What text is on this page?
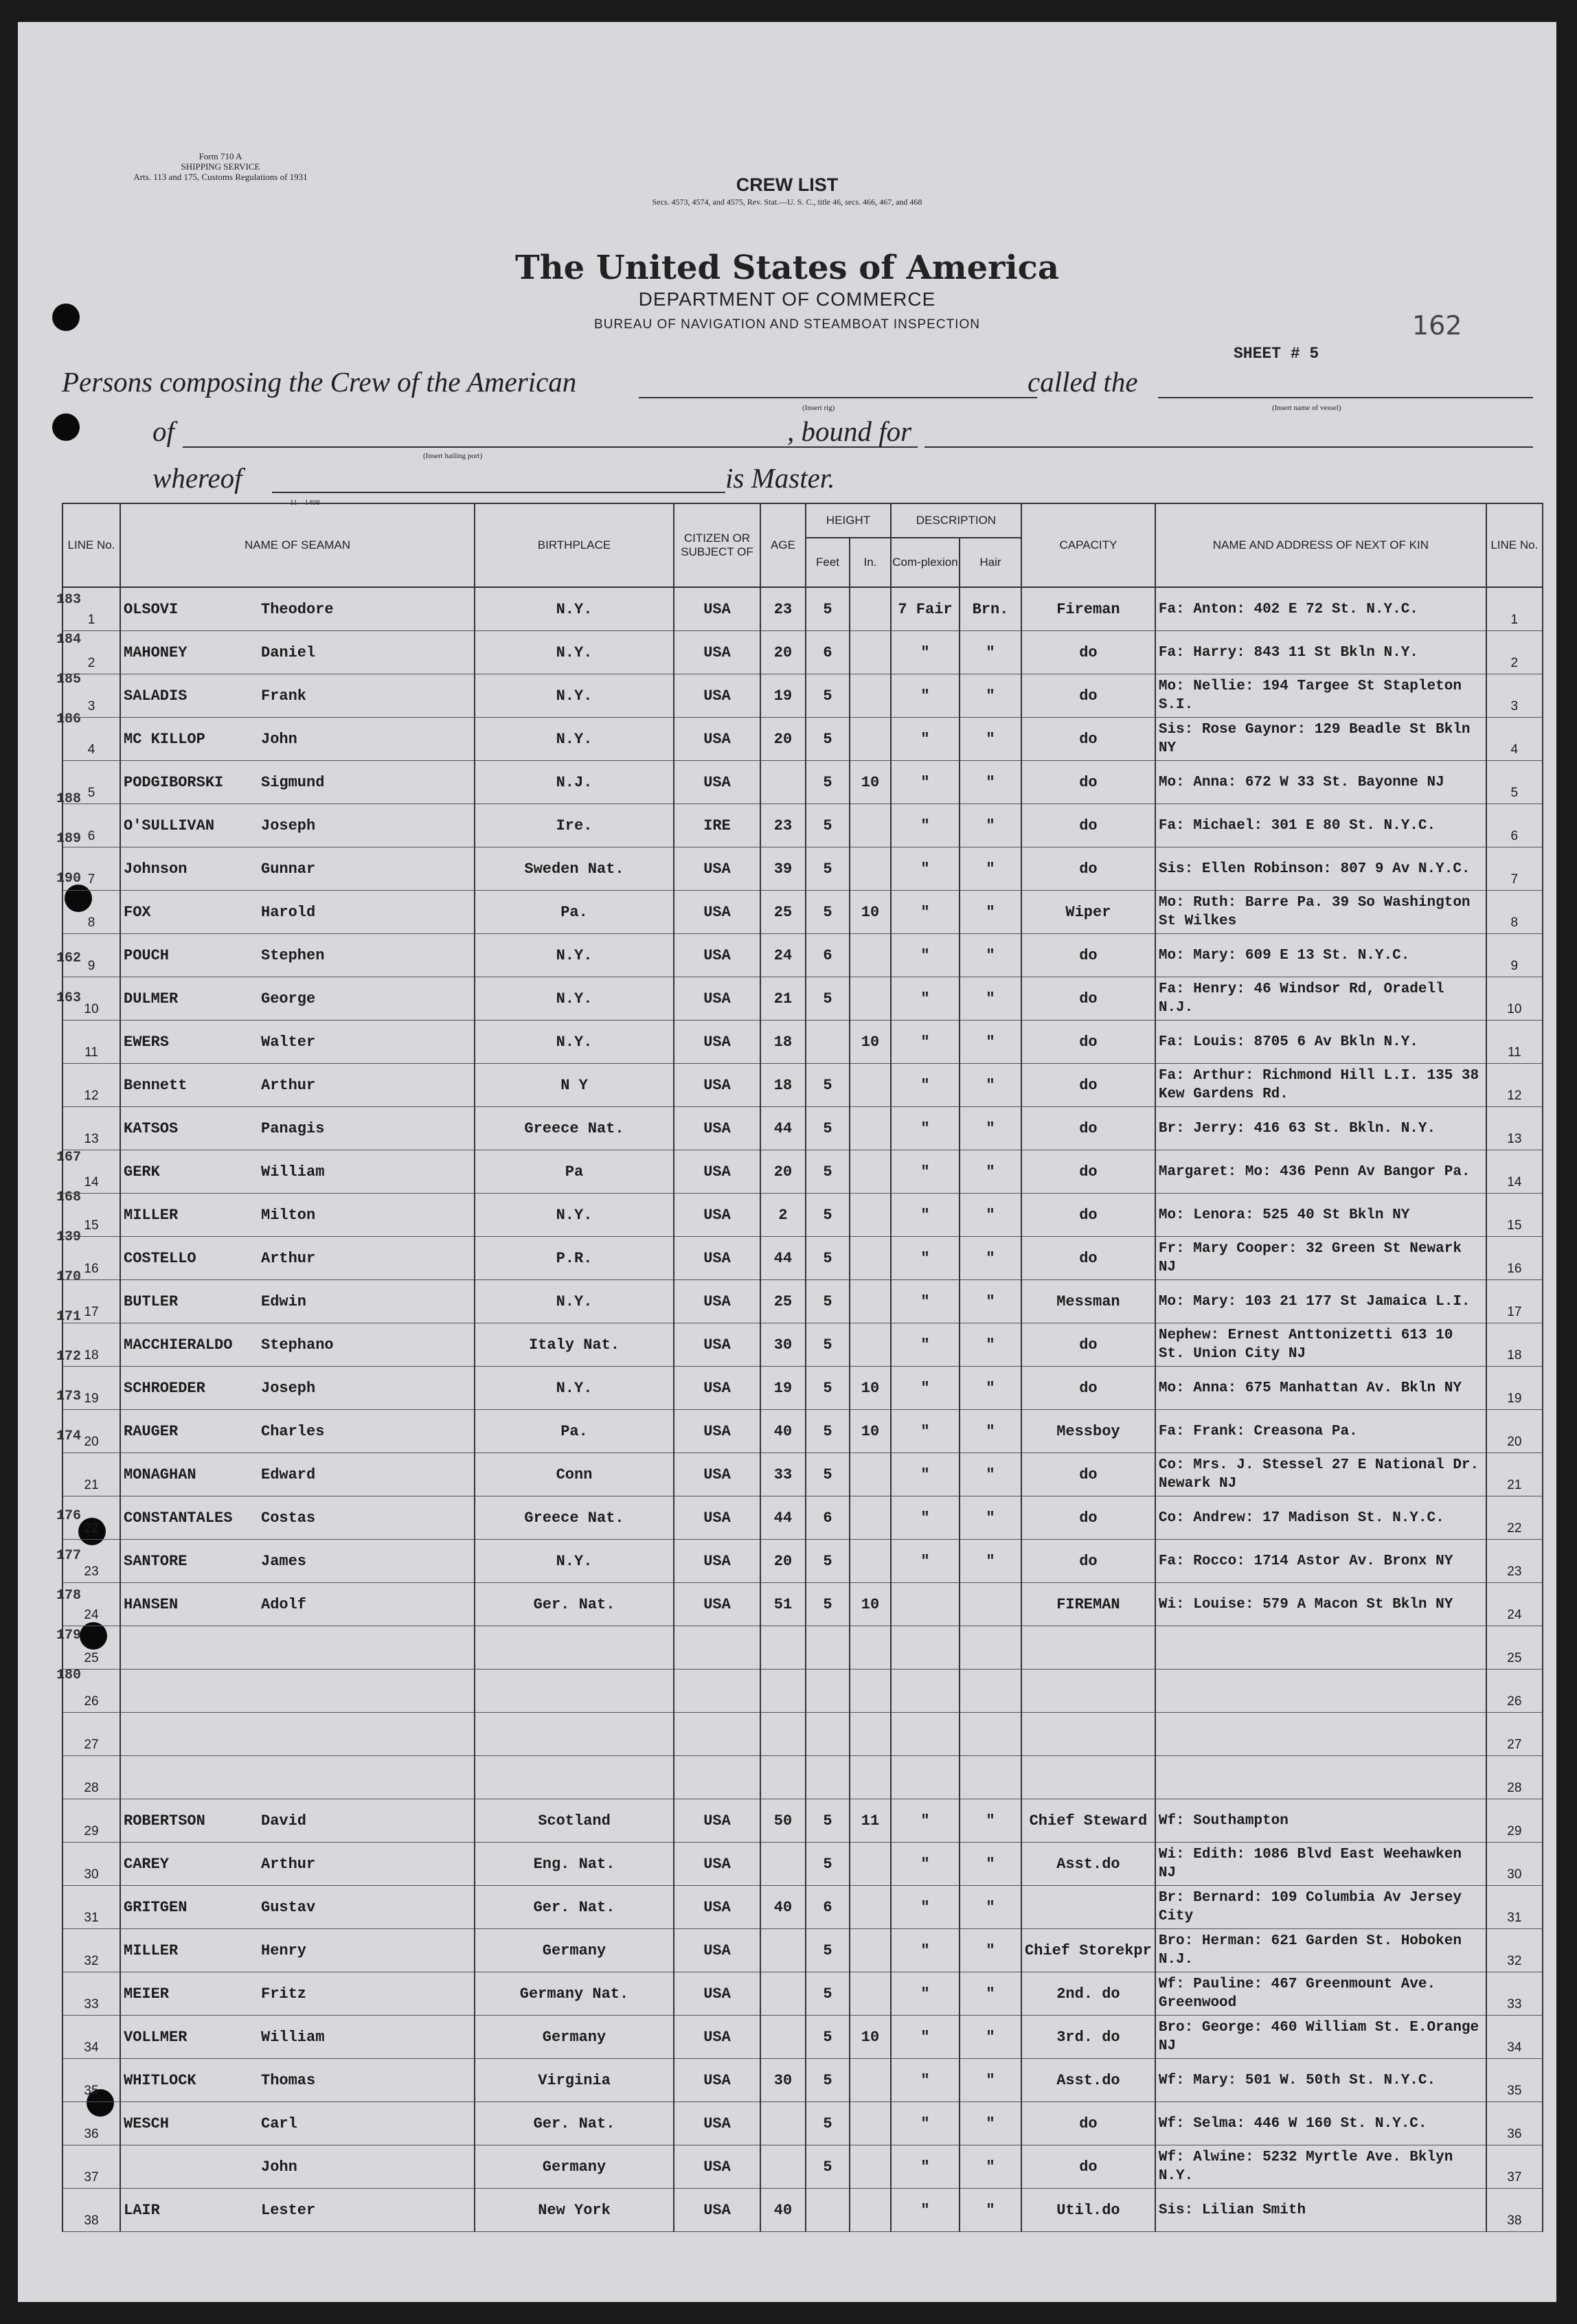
Form 710 A
SHIPPING SERVICE
Arts. 113 and 175, Customs Regulations of 1931	CREW LIST
Secs. 4573, 4574, and 4575, Rev. Stat.—U. S. C., title 46, secs. 466, 467, and 468
The United States of America
DEPARTMENT OF COMMERCE
BUREAU OF NAVIGATION AND STEAMBOAT INSPECTION	162
SHEET # 5
Persons composing the Crew of the American
(Insert rig)
called the
(Insert name of vessel)
of
(Insert hailing port)
, bound for
whereof
11—1408
is Master.
183
184
185
186
188
189
190
162
163
167
168
139
170
171
172
173
174
176
177
178
179
180
LINE No.	NAME OF SEAMAN	BIRTHPLACE	CITIZEN OR SUBJECT OF	AGE	HEIGHT		DESCRIPTION		CAPACITY	NAME AND ADDRESS OF NEXT OF KIN	LINE No.
					Feet	In.	Com-plexion	Hair			
1	OLSOVI Theodore	N.Y.	USA	23	5		7 Fair	Brn.	Fireman	Fa: Anton: 402 E 72 St. N.Y.C.	1
2	MAHONEY Daniel	N.Y.	USA	20	6		"	"	do	Fa: Harry: 843 11 St Bkln N.Y.	2
3	SALADIS Frank	N.Y.	USA	19	5		"	"	do	Mo: Nellie: 194 Targee St Stapleton S.I.	3
4	MC KILLOP John	N.Y.	USA	20	5		"	"	do	Sis: Rose Gaynor: 129 Beadle St Bkln NY	4
5	PODGIBORSKI Sigmund	N.J.	USA		5	10	"	"	do	Mo: Anna: 672 W 33 St. Bayonne NJ	5
6	O'SULLIVAN Joseph	Ire.	IRE	23	5		"	"	do	Fa: Michael: 301 E 80 St. N.Y.C.	6
7	Johnson Gunnar	Sweden Nat.	USA	39	5		"	"	do	Sis: Ellen Robinson: 807 9 Av N.Y.C.	7
8	FOX Harold	Pa.	USA	25	5	10	"	"	Wiper	Mo: Ruth: Barre Pa. 39 So Washington St Wilkes	8
9	POUCH Stephen	N.Y.	USA	24	6		"	"	do	Mo: Mary: 609 E 13 St. N.Y.C.	9
10	DULMER George	N.Y.	USA	21	5		"	"	do	Fa: Henry: 46 Windsor Rd, Oradell N.J.	10
11	EWERS Walter	N.Y.	USA	18		10	"	"	do	Fa: Louis: 8705 6 Av Bkln N.Y.	11
12	Bennett Arthur	N Y	USA	18	5		"	"	do	Fa: Arthur: Richmond Hill L.I. 135 38 Kew Gardens Rd.	12
13	KATSOS Panagis	Greece Nat.	USA	44	5		"	"	do	Br: Jerry: 416 63 St. Bkln. N.Y.	13
14	GERK William	Pa	USA	20	5		"	"	do	Margaret: Mo: 436 Penn Av Bangor Pa.	14
15	MILLER Milton	N.Y.	USA	2	5		"	"	do	Mo: Lenora: 525 40 St Bkln NY	15
16	COSTELLO Arthur	P.R.	USA	44	5		"	"	do	Fr: Mary Cooper: 32 Green St Newark NJ	16
17	BUTLER Edwin	N.Y.	USA	25	5		"	"	Messman	Mo: Mary: 103 21 177 St Jamaica L.I.	17
18	MACCHIERALDO Stephano	Italy Nat.	USA	30	5		"	"	do	Nephew: Ernest Anttonizetti 613 10 St. Union City NJ	18
19	SCHROEDER Joseph	N.Y.	USA	19	5	10	"	"	do	Mo: Anna: 675 Manhattan Av. Bkln NY	19
20	RAUGER Charles	Pa.	USA	40	5	10	"	"	Messboy	Fa: Frank: Creasona Pa.	20
21	MONAGHAN Edward	Conn	USA	33	5		"	"	do	Co: Mrs. J. Stessel 27 E National Dr. Newark NJ	21
22	CONSTANTALES Costas	Greece Nat.	USA	44	6		"	"	do	Co: Andrew: 17 Madison St. N.Y.C.	22
23	SANTORE James	N.Y.	USA	20	5		"	"	do	Fa: Rocco: 1714 Astor Av. Bronx NY	23
24	HANSEN Adolf	Ger. Nat.	USA	51	5	10			FIREMAN	Wi: Louise: 579 A Macon St Bkln NY	24
25											25
26											26
27											27
28											28
29	ROBERTSON David	Scotland	USA	50	5	11	"	"	Chief Steward	Wf: Southampton	29
30	CAREY Arthur	Eng. Nat.	USA		5		"	"	Asst.do	Wi: Edith: 1086 Blvd East Weehawken NJ	30
31	GRITGEN Gustav	Ger. Nat.	USA	40	6		"	"		Br: Bernard: 109 Columbia Av Jersey City	31
32	MILLER Henry	Germany	USA		5		"	"	Chief Storekpr	Bro: Herman: 621 Garden St. Hoboken N.J.	32
33	MEIER Fritz	Germany Nat.	USA		5		"	"	2nd. do	Wf: Pauline: 467 Greenmount Ave. Greenwood	33
34	VOLLMER William	Germany	USA		5	10	"	"	3rd. do	Bro: George: 460 William St. E.Orange NJ	34
35	WHITLOCK Thomas	Virginia	USA	30	5		"	"	Asst.do	Wf: Mary: 501 W. 50th St. N.Y.C.	35
36	WESCH Carl	Ger. Nat.	USA		5		"	"	do	Wf: Selma: 446 W 160 St. N.Y.C.	36
37	John	Germany	USA		5		"	"	do	Wf: Alwine: 5232 Myrtle Ave. Bklyn N.Y.	37
38	LAIR Lester	New York	USA	40			"	"	Util.do	Sis: Lilian Smith	38
